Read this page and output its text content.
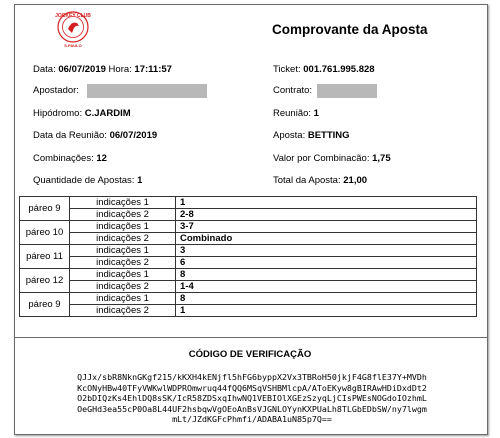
JOCKEY CLUB
S.PAULO
Comprovante da Aposta
Data: 06/07/2019 Hora: 17:11:57
Apostador:
Hipódromo: C.JARDIM
Data da Reunião: 06/07/2019
Combinações: 12
Quantidade de Apostas: 1
Ticket: 001.761.995.828
Contrato:
Reunião: 1
Aposta: BETTING
Valor por Combinacão: 1,75
Total da Aposta: 21,00
páreo 9	indicações 1	1
	indicações 2	2-8
páreo 10	indicações 1	3-7
	indicações 2	Combinado
páreo 11	indicações 1	3
	indicações 2	6
páreo 12	indicações 1	8
	indicações 2	1-4
páreo 9	indicações 1	8
	indicações 2	1
CÓDIGO DE VERIFICAÇÃO
QJJx/sbR8NknGKgf215/kKXH4kENjfl5hFG6byppX2Vx3TBRoH50jkjF4G8flE37Y+MVDh
KcONyHBw40TFyVWKwlWDPROmwruq44fQQ6MSqVSHBMlcpA/AToEKyw8gBIRAwHDiDxdDt2
O2bDIQzKs4EhlDQ8sSK/IcR58ZDSxqIhwNQ1VEBIOlXGEzSzyqLjCIsPWEsNOGdoIOzhmL
OeGHd3ea55cP0Oa8L44UF2hsbqwVgOEoAnBsVJGNLOYynKXPUaLh8TLGbEDbSW/ny7lwgm
mLt/JZdKGFcPhmfi/ADABA1uN85p7Q==
